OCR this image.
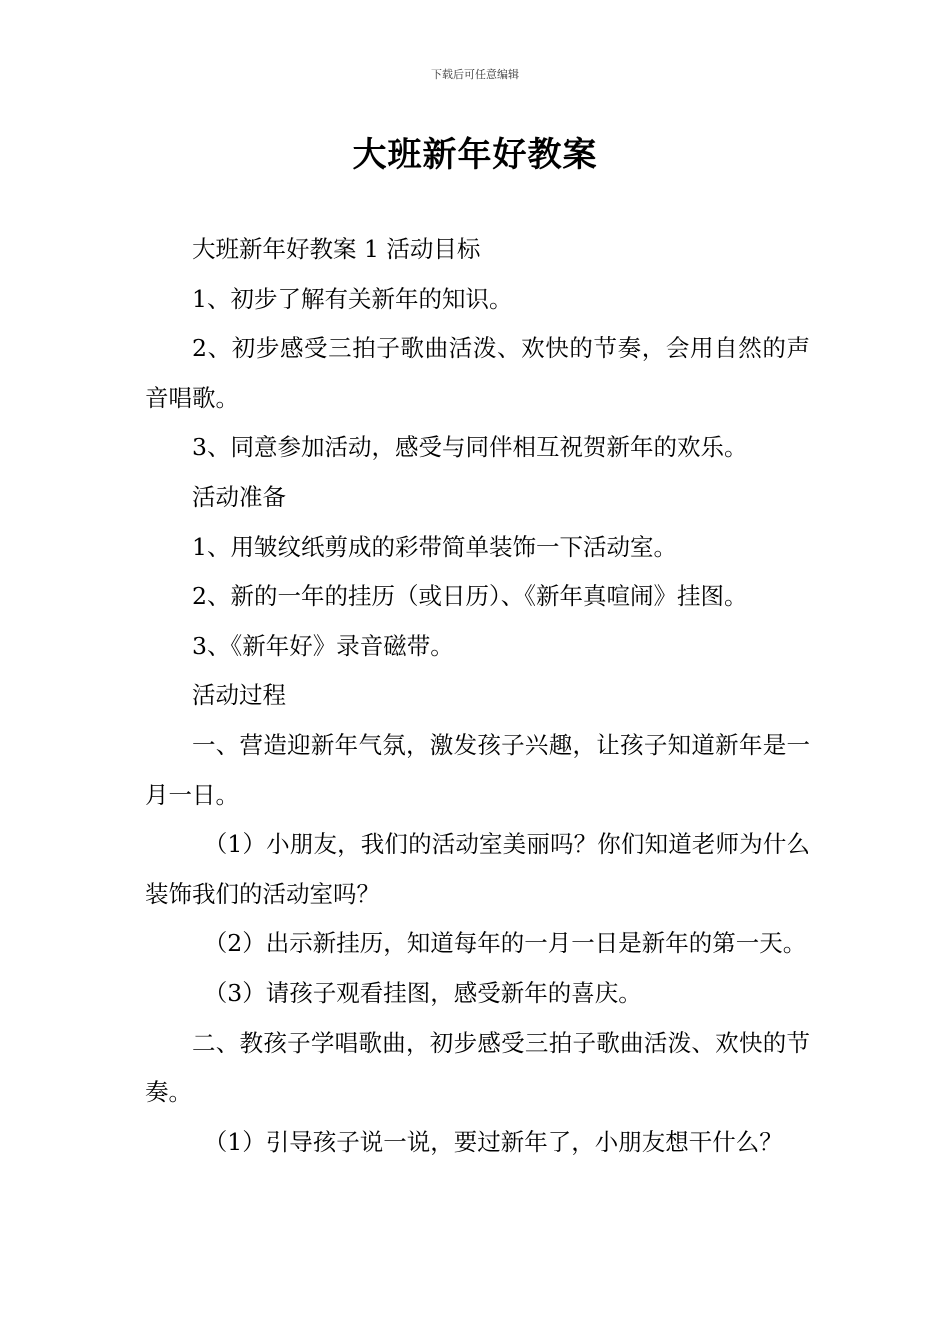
下载后可任意编辑
大班新年好教案

大班新年好教案 1 活动目标

1、初步了解有关新年的知识。

2、初步感受三拍子歌曲活泼、欢快的节奏，会用自然的声音唱歌。

3、同意参加活动，感受与同伴相互祝贺新年的欢乐。

活动准备

1、用皱纹纸剪成的彩带简单装饰一下活动室。

2、新的一年的挂历（或日历）、《新年真喧闹》挂图。

3、《新年好》录音磁带。

活动过程

一、营造迎新年气氛，激发孩子兴趣，让孩子知道新年是一月一日。

（1）小朋友，我们的活动室美丽吗？你们知道老师为什么装饰我们的活动室吗？

（2）出示新挂历，知道每年的一月一日是新年的第一天。

（3）请孩子观看挂图，感受新年的喜庆。

二、教孩子学唱歌曲，初步感受三拍子歌曲活泼、欢快的节奏。

（1）引导孩子说一说，要过新年了，小朋友想干什么？
